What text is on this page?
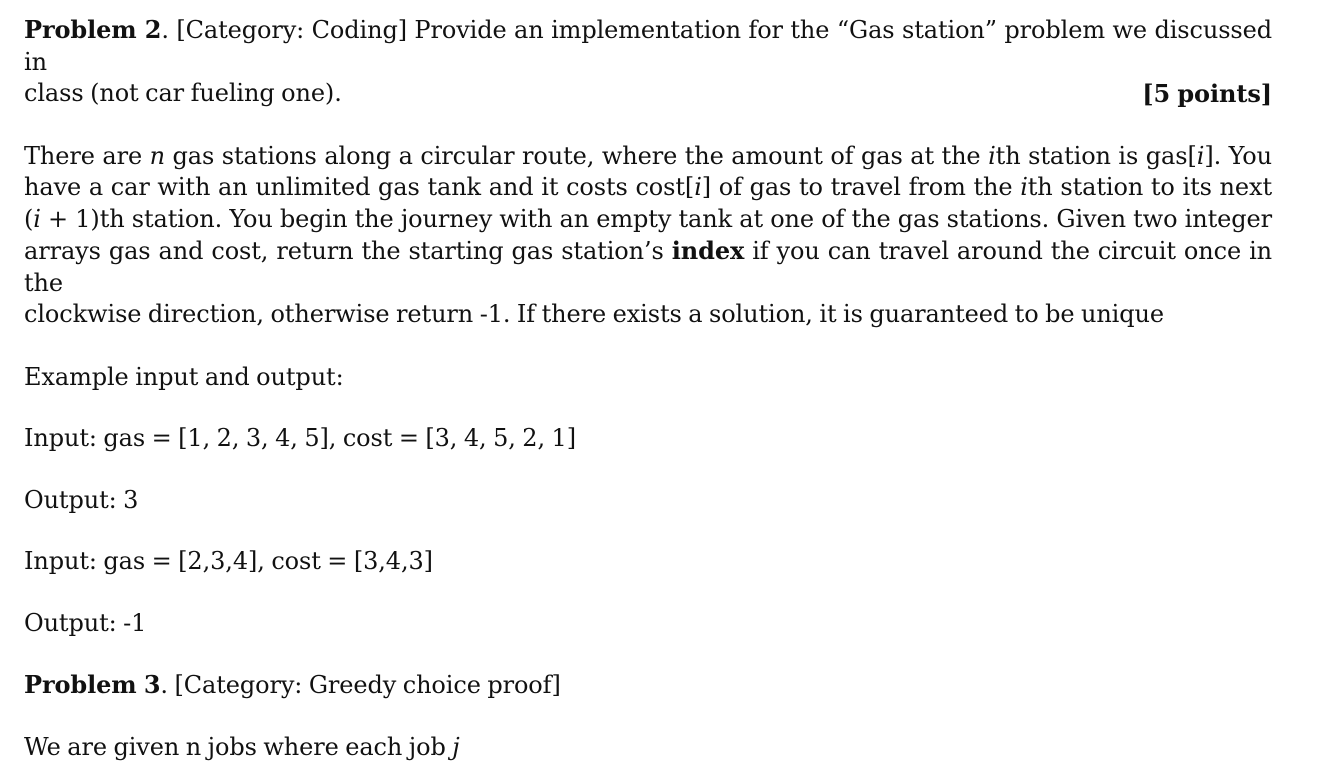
Problem 2. [Category: Coding] Provide an implementation for the “Gas station” problem we discussed in
class (not car fueling one).	[5 points]
There are n gas stations along a circular route, where the amount of gas at the ith station is gas[i]. You
have a car with an unlimited gas tank and it costs cost[i] of gas to travel from the ith station to its next
(i + 1)th station. You begin the journey with an empty tank at one of the gas stations. Given two integer
arrays gas and cost, return the starting gas station’s index if you can travel around the circuit once in the
clockwise direction, otherwise return -1. If there exists a solution, it is guaranteed to be unique
Example input and output:
Input: gas = [1, 2, 3, 4, 5], cost = [3, 4, 5, 2, 1]
Output: 3
Input: gas = [2,3,4], cost = [3,4,3]
Output: -1
Problem 3. [Category: Greedy choice proof]
We are given n jobs where each job j
